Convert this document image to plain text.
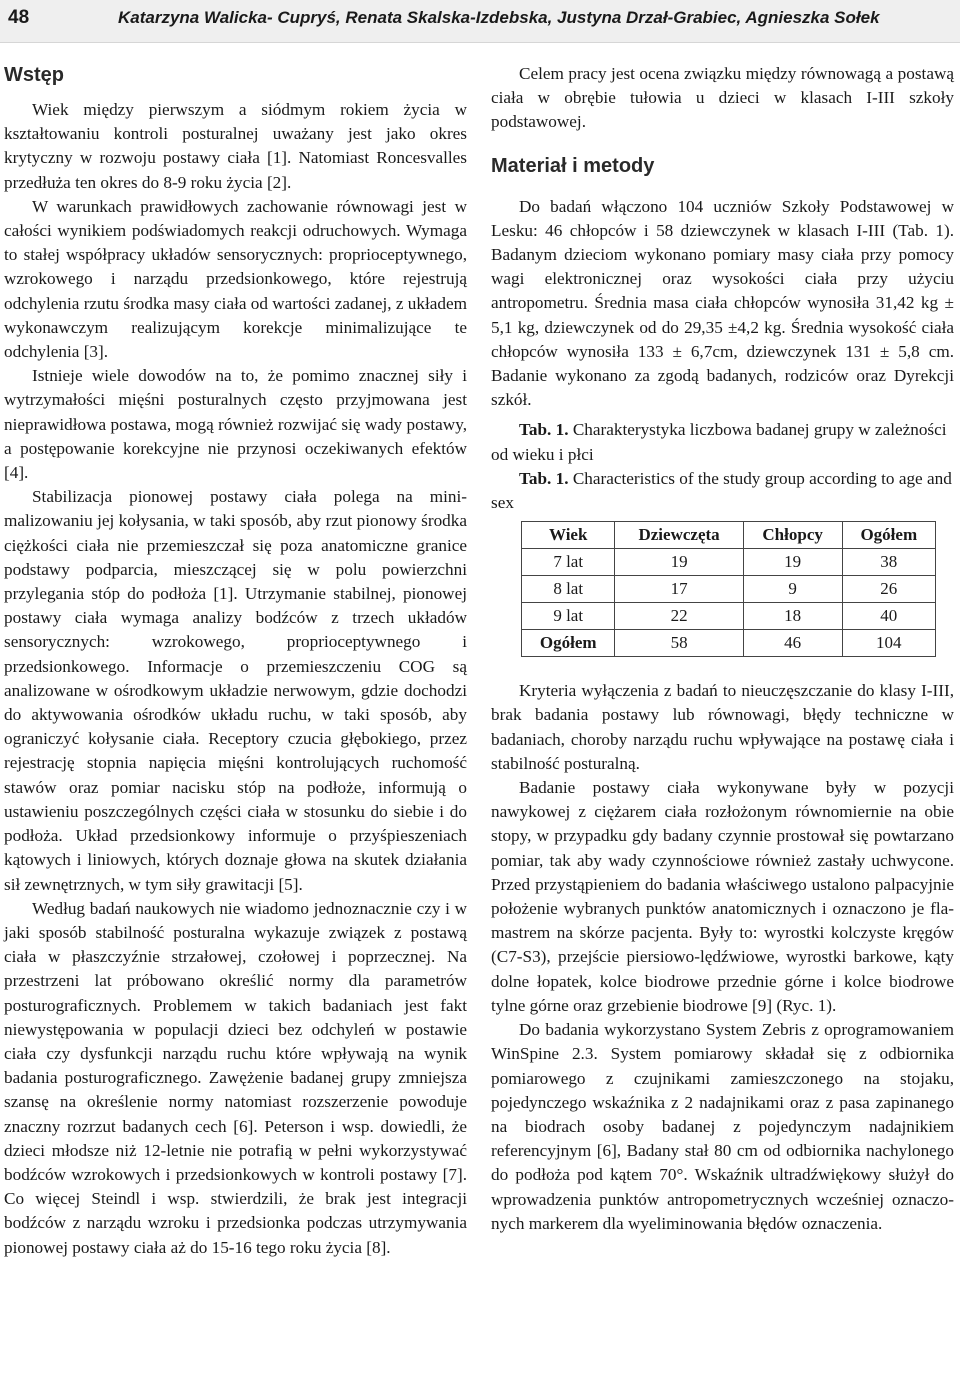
48	Katarzyna Walicka- Cupryś, Renata Skalska-Izdebska, Justyna Drzał-Grabiec, Agnieszka Sołek
Wstęp

Wiek między pierwszym a siódmym rokiem życia w kształtowaniu kontroli posturalnej uważany jest jako okres krytyczny w rozwoju postawy ciała [1]. Natomiast Roncesvalles przedłuża ten okres do 8-9 roku życia [2].

W warunkach prawidłowych zachowanie równowagi jest w całości wynikiem podświadomych reakcji odruchowych. Wymaga to stałej współpracy układów sensorycznych: proprioceptywnego, wzrokowego i narządu przedsionkowego, które rejestrują odchylenia rzutu środka masy ciała od wartości zadanej, z układem wykonawczym realizującym korekcje minimalizujące te odchylenia [3].

Istnieje wiele dowodów na to, że pomimo znacznej siły i wytrzymałości mięśni posturalnych często przyjmowana jest nieprawidłowa postawa, mogą również rozwijać się wady postawy, a postępowanie korekcyjne nie przynosi oczekiwanych efektów [4].

Stabilizacja pionowej postawy ciała polega na minimalizowaniu jej kołysania, w taki sposób, aby rzut pionowy środka ciężkości ciała nie przemieszczał się poza anatomiczne granice podstawy podparcia, mieszczącej się w polu powierzchni przylegania stóp do podłoża [1]. Utrzymanie stabilnej, pionowej postawy ciała wymaga analizy bodźców z trzech układów sensorycznych: wzrokowego, proprioceptywnego i przedsionkowego. Informacje o przemieszczeniu COG są analizowane w ośrodkowym układzie nerwowym, gdzie dochodzi do aktywowania ośrodków układu ruchu, w taki sposób, aby ograniczyć kołysanie ciała. Receptory czucia głębokiego, przez rejestrację stopnia napięcia mięśni kontrolujących ruchomość stawów oraz pomiar nacisku stóp na podłoże, informują o ustawieniu poszczególnych części ciała w stosunku do siebie i do podłoża. Układ przedsionkowy informuje o przyśpieszeniach kątowych i liniowych, których doznaje głowa na skutek działania sił zewnętrznych, w tym siły grawitacji [5].

Według badań naukowych nie wiadomo jednoznacznie czy i w jaki sposób stabilność posturalna wykazuje związek z postawą ciała w płaszczyźnie strzałowej, czołowej i poprzecznej. Na przestrzeni lat próbowano określić normy dla parametrów posturograficznych. Problemem w takich badaniach jest fakt niewystępowania w populacji dzieci bez odchyleń w postawie ciała czy dysfunkcji narządu ruchu które wpływają na wynik badania posturograficznego. Zawężenie badanej grupy zmniejsza szansę na określenie normy natomiast rozszerzenie powoduje znaczny rozrzut badanych cech [6]. Peterson i wsp. dowiedli, że dzieci młodsze niż 12-letnie nie potrafią w pełni wykorzystywać bodźców wzrokowych i przedsionkowych w kontroli postawy [7]. Co więcej Steindl i wsp. stwierdzili, że brak jest integracji bodźców z narządu wzroku i przedsionka podczas utrzymywania pionowej postawy ciała aż do 15-16 tego roku życia [8].

Celem pracy jest ocena związku między równowagą a postawą ciała w obrębie tułowia u dzieci w klasach I-III szkoły podstawowej.

Materiał i metody

Do badań włączono 104 uczniów Szkoły Podstawowej w Lesku: 46 chłopców i 58 dziewczynek w klasach I-III (Tab. 1). Badanym dzieciom wykonano pomiary masy ciała przy pomocy wagi elektronicznej oraz wysokości ciała przy użyciu antropometru. Średnia masa ciała chłopców wynosiła 31,42 kg ± 5,1 kg, dziewczynek od do 29,35 ±4,2 kg. Średnia wysokość ciała chłopców wynosiła 133 ± 6,7cm, dziewczynek 131 ± 5,8 cm. Badanie wykonano za zgodą badanych, rodziców oraz Dyrekcji szkół.

Tab. 1. Charakterystyka liczbowa badanej grupy w zależności od wieku i płci

Tab. 1. Characteristics of the study group according to age and sex

Wiek	Dziewczęta	Chłopcy	Ogółem
7 lat	19	19	38
8 lat	17	9	26
9 lat	22	18	40
Ogółem	58	46	104

Kryteria wyłączenia z badań to nieuczęszczanie do klasy I-III, brak badania postawy lub równowagi, błędy techniczne w badaniach, choroby narządu ruchu wpływające na postawę ciała i stabilność posturalną.

Badanie postawy ciała wykonywane były w pozycji nawykowej z ciężarem ciała rozłożonym równomiernie na obie stopy, w przypadku gdy badany czynnie prostował się powtarzano pomiar, tak aby wady czynnościowe również zastały uchwycone. Przed przystąpieniem do badania właściwego ustalono palpacyjnie położenie wybranych punktów anatomicznych i oznaczono je flamastrem na skórze pacjenta. Były to: wyrostki kolczyste kręgów (C7-S3), przejście piersiowo-lędźwiowe, wyrostki barkowe, kąty dolne łopatek, kolce biodrowe przednie górne i kolce biodrowe tylne górne oraz grzebienie biodrowe [9] (Ryc. 1).

Do badania wykorzystano System Zebris z oprogramowaniem WinSpine 2.3. System pomiarowy składał się z odbiornika pomiarowego z czujnikami zamieszczonego na stojaku, pojedynczego wskaźnika z 2 nadajnikami oraz z pasa zapinanego na biodrach osoby badanej z pojedynczym nadajnikiem referencyjnym [6], Badany stał 80 cm od odbiornika nachylonego do podłoża pod kątem 70°. Wskaźnik ultradźwiękowy służył do wprowadzenia punktów antropometrycznych wcześniej oznaczonych markerem dla wyeliminowania błędów oznaczenia.
